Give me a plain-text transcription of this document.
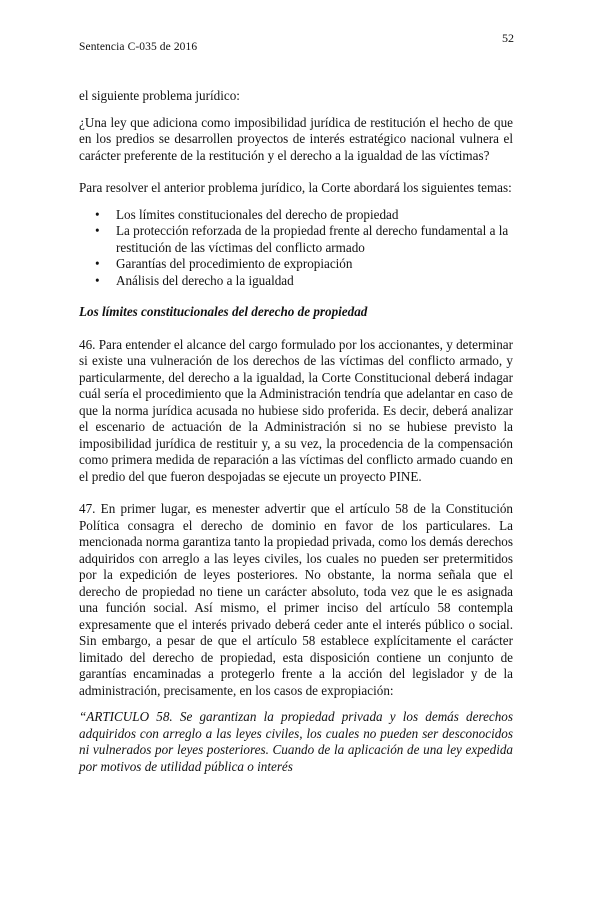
Sentencia C-035 de 2016
52

el siguiente problema jurídico:

¿Una ley que adiciona como imposibilidad jurídica de restitución el hecho de que en los predios se desarrollen proyectos de interés estratégico nacional vulnera el carácter preferente de la restitución y el derecho a la igualdad de las víctimas?

Para resolver el anterior problema jurídico, la Corte abordará los siguientes temas:

•	Los límites constitucionales del derecho de propiedad
•	La protección reforzada de la propiedad frente al derecho fundamental a la restitución de las víctimas del conflicto armado
•	Garantías del procedimiento de expropiación
•	Análisis del derecho a la igualdad

Los límites constitucionales del derecho de propiedad

46. Para entender el alcance del cargo formulado por los accionantes, y determinar si existe una vulneración de los derechos de las víctimas del conflicto armado, y particularmente, del derecho a la igualdad, la Corte Constitucional deberá indagar cuál sería el procedimiento que la Administración tendría que adelantar en caso de que la norma jurídica acusada no hubiese sido proferida. Es decir, deberá analizar el escenario de actuación de la Administración si no se hubiese previsto la imposibilidad jurídica de restituir y, a su vez, la procedencia de la compensación como primera medida de reparación a las víctimas del conflicto armado cuando en el predio del que fueron despojadas se ejecute un proyecto PINE.

47. En primer lugar, es menester advertir que el artículo 58 de la Constitución Política consagra el derecho de dominio en favor de los particulares. La mencionada norma garantiza tanto la propiedad privada, como los demás derechos adquiridos con arreglo a las leyes civiles, los cuales no pueden ser pretermitidos por la expedición de leyes posteriores. No obstante, la norma señala que el derecho de propiedad no tiene un carácter absoluto, toda vez que le es asignada una función social. Así mismo, el primer inciso del artículo 58 contempla expresamente que el interés privado deberá ceder ante el interés público o social. Sin embargo, a pesar de que el artículo 58 establece explícitamente el carácter limitado del derecho de propiedad, esta disposición contiene un conjunto de garantías encaminadas a protegerlo frente a la acción del legislador y de la administración, precisamente, en los casos de expropiación:

“ARTICULO 58. Se garantizan la propiedad privada y los demás derechos adquiridos con arreglo a las leyes civiles, los cuales no pueden ser desconocidos ni vulnerados por leyes posteriores. Cuando de la aplicación de una ley expedida por motivos de utilidad pública o interés
